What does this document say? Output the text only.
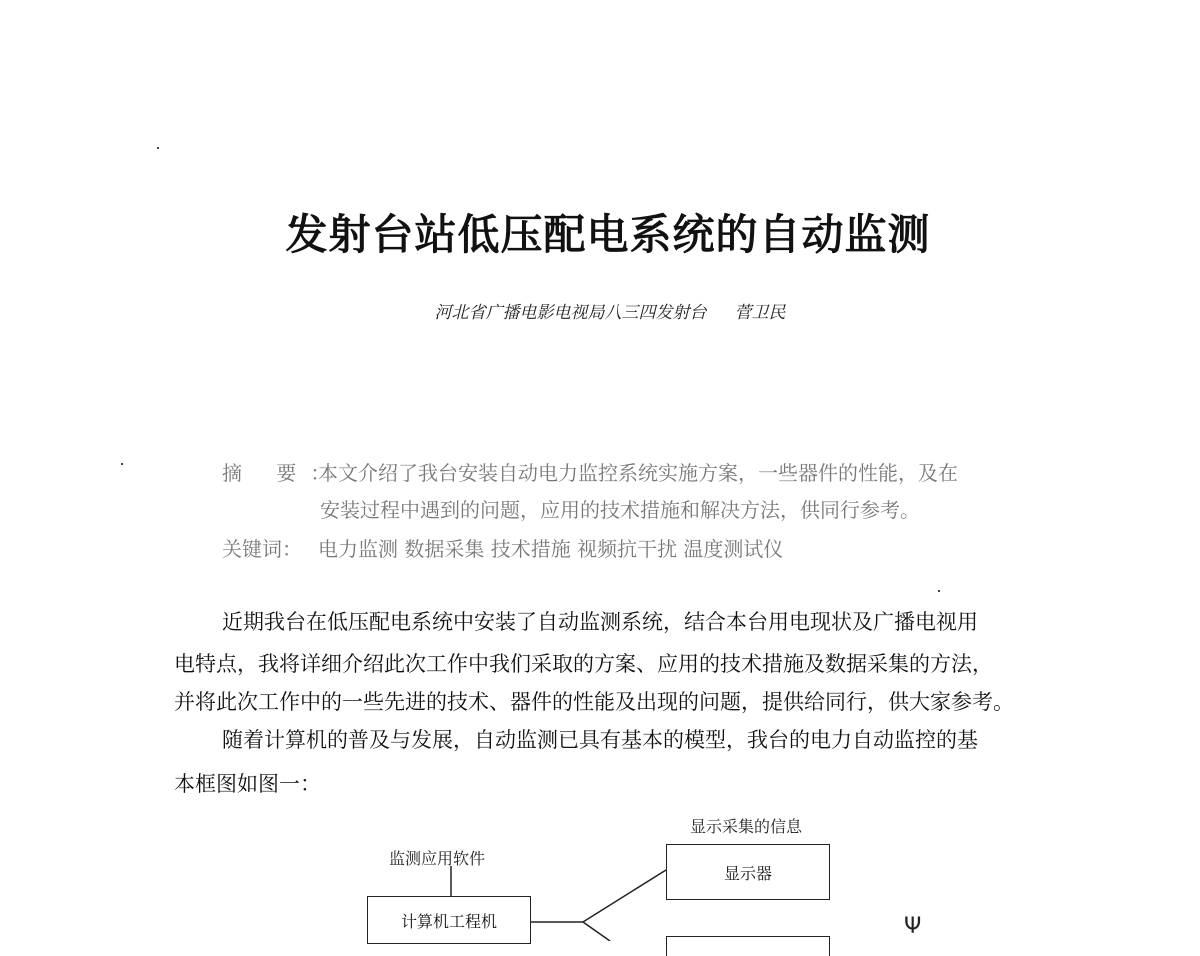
发射台站低压配电系统的自动监测
河北省广播电影电视局八三四发射台 菅卫民
摘 要：
本文介绍了我台安装自动电力监控系统实施方案，一些器件的性能，及在
安装过程中遇到的问题，应用的技术措施和解决方法，供同行参考。
关键词： 电力监测 数据采集 技术措施 视频抗干扰 温度测试仪
近期我台在低压配电系统中安装了自动监测系统，结合本台用电现状及广播电视用
电特点，我将详细介绍此次工作中我们采取的方案、应用的技术措施及数据采集的方法，
并将此次工作中的一些先进的技术、器件的性能及出现的问题，提供给同行，供大家参考。
随着计算机的普及与发展，自动监测已具有基本的模型，我台的电力自动监控的基
本框图如图一：
显示采集的信息
监测应用软件
显示器
计算机工程机	Ψ
